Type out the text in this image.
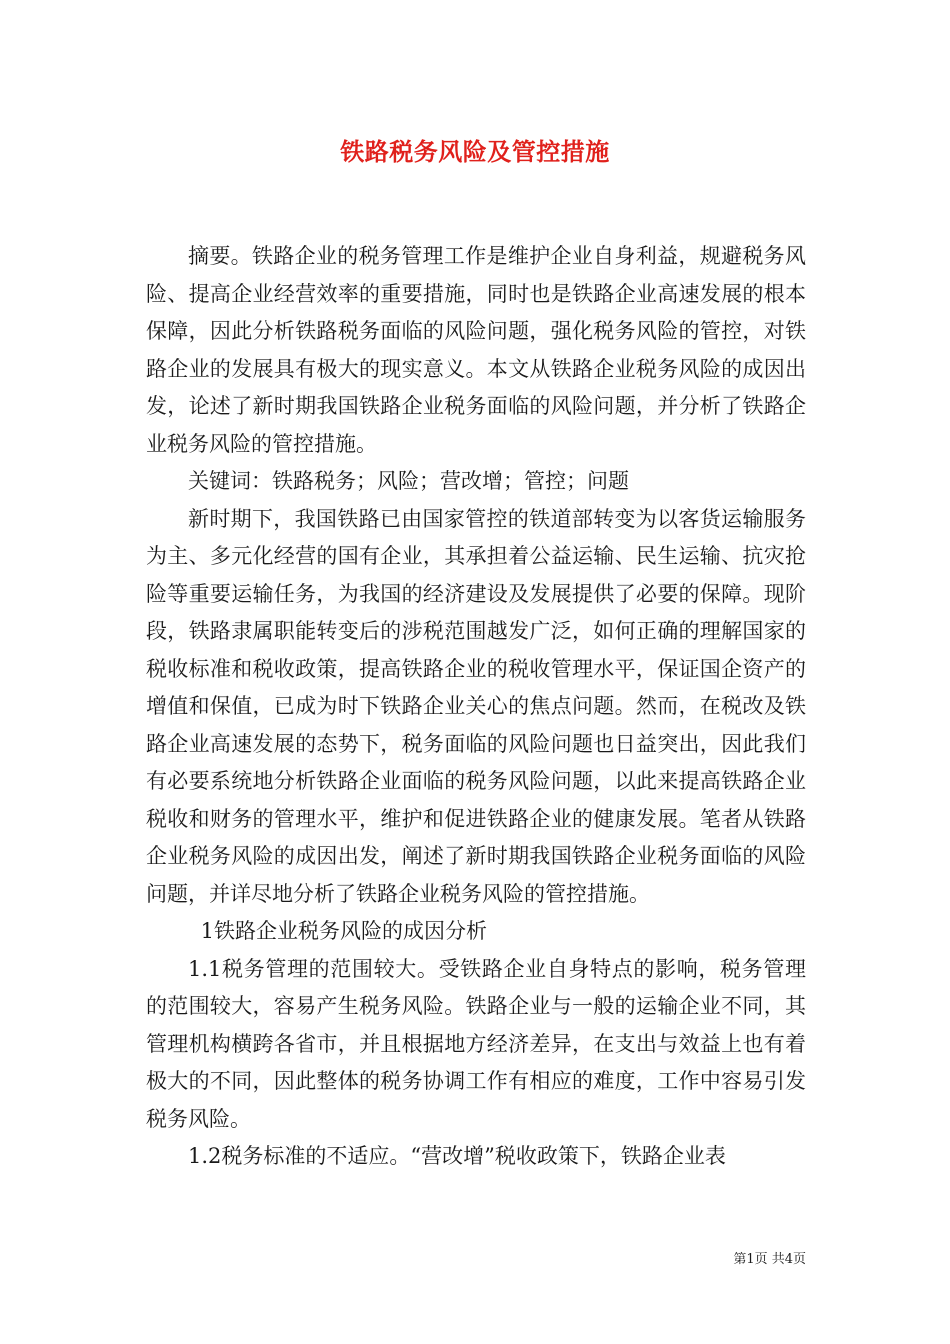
铁路税务风险及管控措施

摘要。铁路企业的税务管理工作是维护企业自身利益，规避税务风险、提高企业经营效率的重要措施，同时也是铁路企业高速发展的根本保障，因此分析铁路税务面临的风险问题，强化税务风险的管控，对铁路企业的发展具有极大的现实意义。本文从铁路企业税务风险的成因出发，论述了新时期我国铁路企业税务面临的风险问题，并分析了铁路企业税务风险的管控措施。

关键词：铁路税务；风险；营改增；管控；问题

新时期下，我国铁路已由国家管控的铁道部转变为以客货运输服务为主、多元化经营的国有企业，其承担着公益运输、民生运输、抗灾抢险等重要运输任务，为我国的经济建设及发展提供了必要的保障。现阶段，铁路隶属职能转变后的涉税范围越发广泛，如何正确的理解国家的税收标准和税收政策，提高铁路企业的税收管理水平，保证国企资产的增值和保值，已成为时下铁路企业关心的焦点问题。然而，在税改及铁路企业高速发展的态势下，税务面临的风险问题也日益突出，因此我们有必要系统地分析铁路企业面临的税务风险问题，以此来提高铁路企业税收和财务的管理水平，维护和促进铁路企业的健康发展。笔者从铁路企业税务风险的成因出发，阐述了新时期我国铁路企业税务面临的风险问题，并详尽地分析了铁路企业税务风险的管控措施。

1铁路企业税务风险的成因分析

1.1税务管理的范围较大。受铁路企业自身特点的影响，税务管理的范围较大，容易产生税务风险。铁路企业与一般的运输企业不同，其管理机构横跨各省市，并且根据地方经济差异，在支出与效益上也有着极大的不同，因此整体的税务协调工作有相应的难度，工作中容易引发税务风险。

1.2税务标准的不适应。“营改增”税收政策下，铁路企业表

第1页 共4页
